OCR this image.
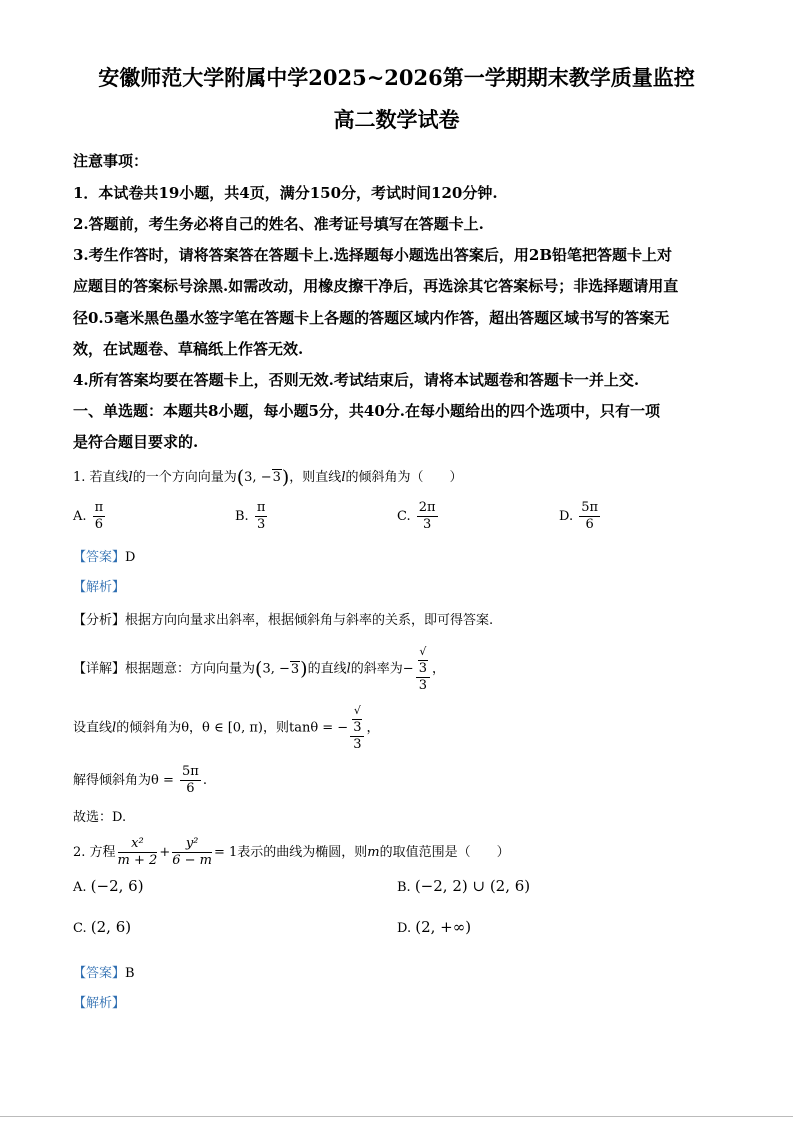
安徽师范大学附属中学2025~2026第一学期期末教学质量监控
高二数学试卷
注意事项：
1．本试卷共19小题，共4页，满分150分，考试时间120分钟.
2.答题前，考生务必将自己的姓名、准考证号填写在答题卡上.
3.考生作答时，请将答案答在答题卡上.选择题每小题选出答案后，用2B铅笔把答题卡上对
应题目的答案标号涂黑.如需改动，用橡皮擦干净后，再选涂其它答案标号；非选择题请用直
径0.5毫米黑色墨水签字笔在答题卡上各题的答题区域内作答，超出答题区域书写的答案无
效，在试题卷、草稿纸上作答无效.
4.所有答案均要在答题卡上，否则无效.考试结束后，请将本试题卷和答题卡一并上交.
一、单选题：本题共8小题，每小题5分，共40分.在每小题给出的四个选项中，只有一项
是符合题目要求的.
1. 若直线l的一个方向向量为(3, −3)，则直线l的倾斜角为（　　）
A. $\frac{\pi}{6}$	B. $\frac{\pi}{3}$	C. $\frac{2\pi}{3}$	D. $\frac{5\pi}{6}$
【答案】D
【解析】
【分析】根据方向向量求出斜率，根据倾斜角与斜率的关系，即可得答案.
【详解】根据题意：方向向量为(3, −3)的直线l的斜率为− √
3
3 ，
设直线l的倾斜角为θ，θ ∈ [0, π)，则tanθ = − √
3
3 ，
解得倾斜角为$\theta = \frac{5\pi}{6}$ .
故选：D.
2. 方程 $\frac{\text{x²}}{m + 2} + \frac{\text{y²}}{6 - m} = 1$表示的曲线为椭圆，则m的取值范围是（　　）
A. (−2, 6)	B. (−2, 2) ∪ (2, 6)
C. (2, 6)	D. (2, +∞)
【答案】B
【解析】
